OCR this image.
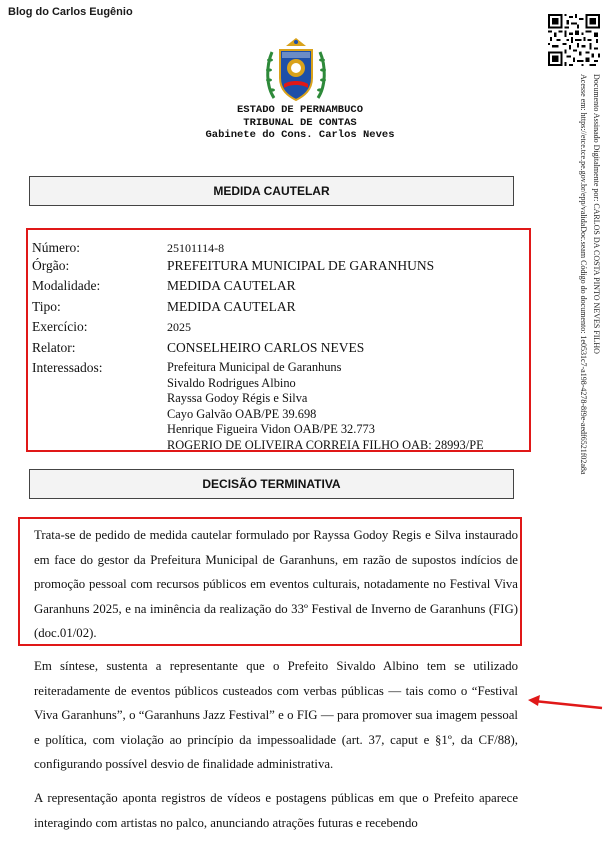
Blog do Carlos Eugênio
Documento Assinado Digitalmente por: CARLOS DA COSTA PINTO NEVES FILHO
Acesse em: https://etce.tce.pe.gov.br/epp/validaDoc.seam Código do documento: 1e0531c7-a198-4278-8f9e-aedf6521f02a8a
ESTADO DE PERNAMBUCO
TRIBUNAL DE CONTAS
Gabinete do Cons. Carlos Neves
MEDIDA CAUTELAR
Número:	25101114-8
Órgão:	PREFEITURA MUNICIPAL DE GARANHUNS
Modalidade:	MEDIDA CAUTELAR
Tipo:	MEDIDA CAUTELAR
Exercício:	2025
Relator:	CONSELHEIRO CARLOS NEVES
Interessados:	Prefeitura Municipal de Garanhuns
Sivaldo Rodrigues Albino
Rayssa Godoy Régis e Silva
Cayo Galvão OAB/PE 39.698
Henrique Figueira Vidon OAB/PE 32.773
ROGERIO DE OLIVEIRA CORREIA FILHO OAB: 28993/PE
DECISÃO TERMINATIVA
Trata-se de pedido de medida cautelar formulado por Rayssa Godoy Regis e Silva instaurado em face do gestor da Prefeitura Municipal de Garanhuns, em razão de supostos indícios de promoção pessoal com recursos públicos em eventos culturais, notadamente no Festival Viva Garanhuns 2025, e na iminência da realização do 33º Festival de Inverno de Garanhuns (FIG) (doc.01/02).
Em síntese, sustenta a representante que o Prefeito Sivaldo Albino tem se utilizado reiteradamente de eventos públicos custeados com verbas públicas — tais como o “Festival Viva Garanhuns”, o “Garanhuns Jazz Festival” e o FIG — para promover sua imagem pessoal e política, com violação ao princípio da impessoalidade (art. 37, caput e §1º, da CF/88), configurando possível desvio de finalidade administrativa.
A representação aponta registros de vídeos e postagens públicas em que o Prefeito aparece interagindo com artistas no palco, anunciando atrações futuras e recebendo
